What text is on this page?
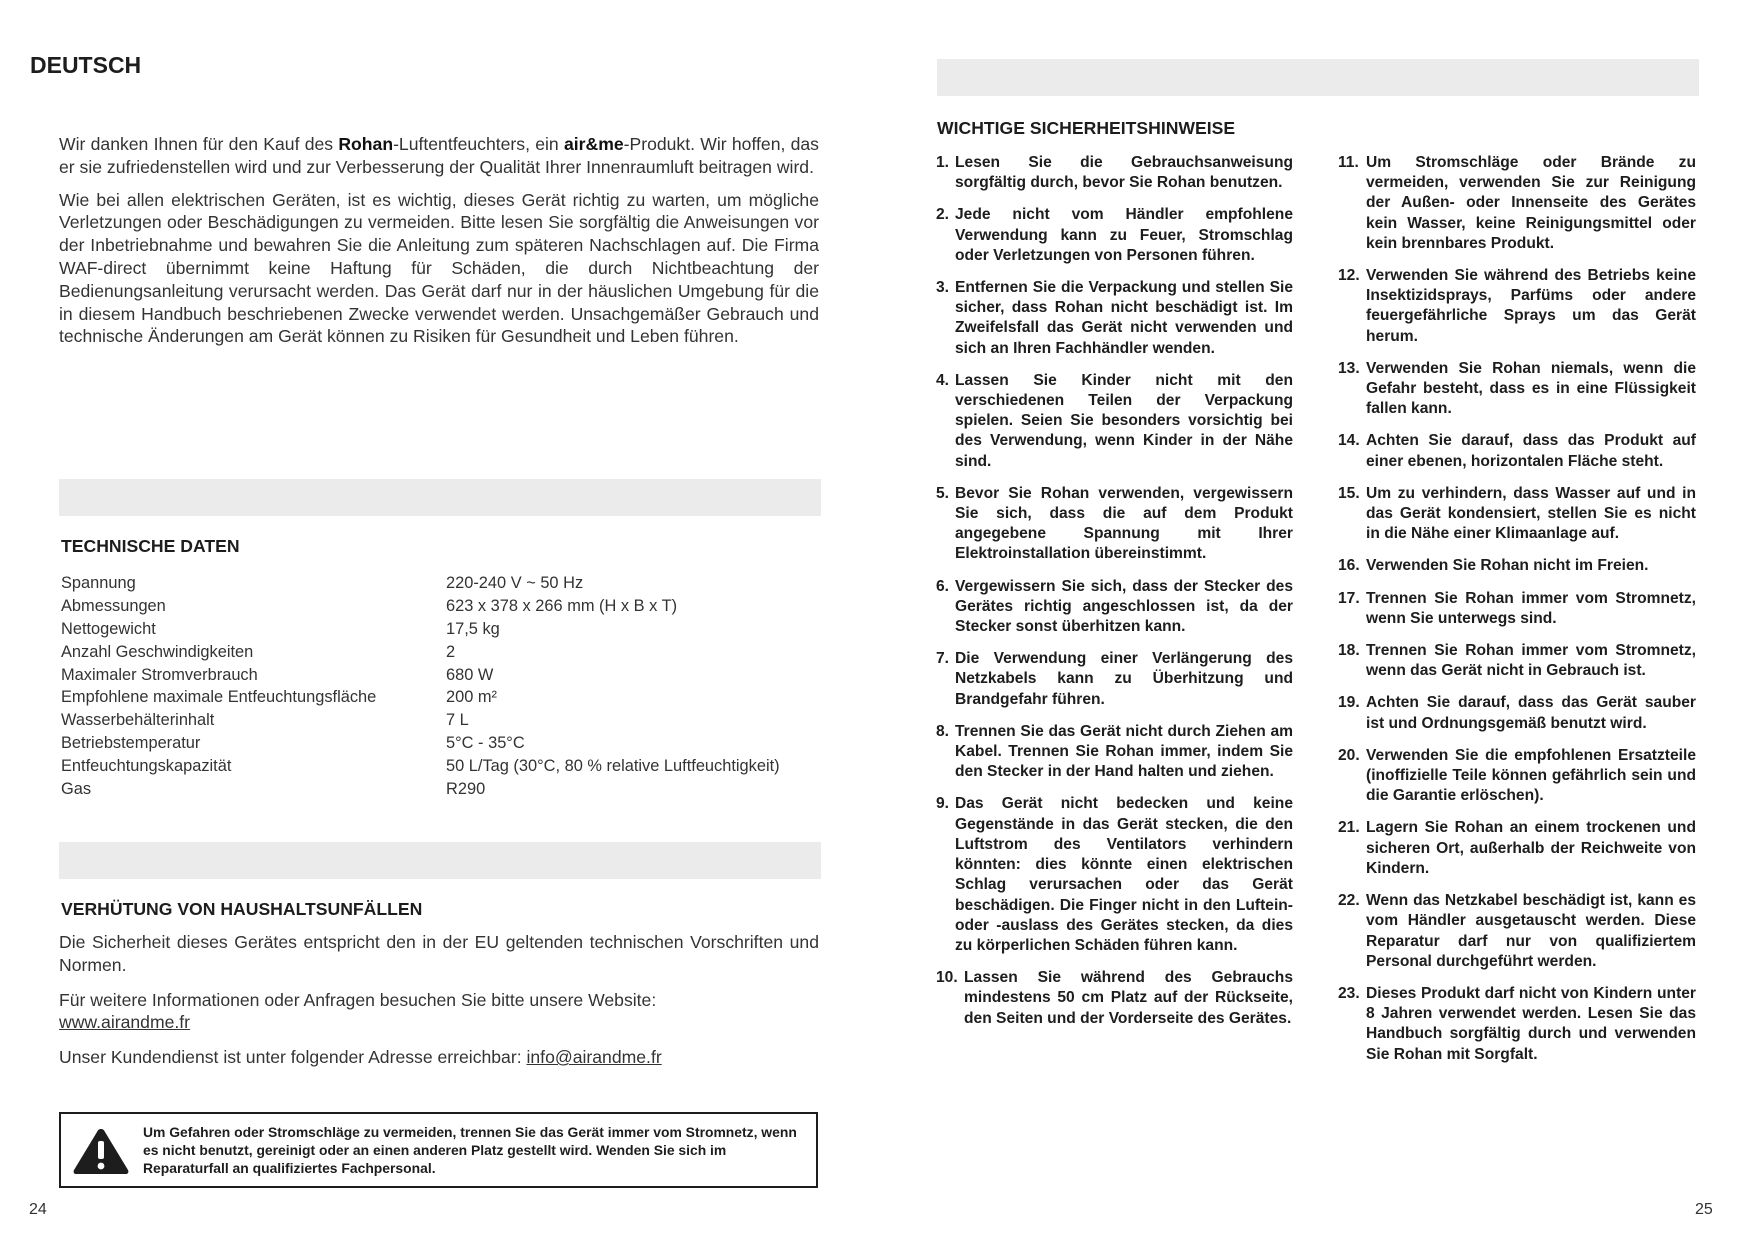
DEUTSCH

Wir danken Ihnen für den Kauf des Rohan-Luftentfeuchters, ein air&me-Produkt. Wir hoffen, das er sie zufriedenstellen wird und zur Verbesserung der Qualität Ihrer Innenraumluft beitragen wird.

Wie bei allen elektrischen Geräten, ist es wichtig, dieses Gerät richtig zu warten, um mögliche Verletzungen oder Beschädigungen zu vermeiden. Bitte lesen Sie sorgfältig die Anweisungen vor der Inbetriebnahme und bewahren Sie die Anleitung zum späteren Nachschlagen auf. Die Firma WAF-direct übernimmt keine Haftung für Schäden, die durch Nichtbeachtung der Bedienungsanleitung verursacht werden. Das Gerät darf nur in der häuslichen Umgebung für die in diesem Handbuch beschriebenen Zwecke verwendet werden. Unsachgemäßer Gebrauch und technische Änderungen am Gerät können zu Risiken für Gesundheit und Leben führen.

TECHNISCHE DATEN
Spannung	220-240 V ~ 50 Hz
Abmessungen	623 x 378 x 266 mm (H x B x T)
Nettogewicht	17,5 kg
Anzahl Geschwindigkeiten	2
Maximaler Stromverbrauch	680 W
Empfohlene maximale Entfeuchtungsfläche	200 m²
Wasserbehälterinhalt	7 L
Betriebstemperatur	5°C - 35°C
Entfeuchtungskapazität	50 L/Tag (30°C, 80 % relative Luftfeuchtigkeit)
Gas	R290
VERHÜTUNG VON HAUSHALTSUNFÄLLEN

Die Sicherheit dieses Gerätes entspricht den in der EU geltenden technischen Vorschriften und Normen.

Für weitere Informationen oder Anfragen besuchen Sie bitte unsere Website:
www.airandme.fr

Unser Kundendienst ist unter folgender Adresse erreichbar: info@airandme.fr

Um Gefahren oder Stromschläge zu vermeiden, trennen Sie das Gerät immer vom Stromnetz, wenn es nicht benutzt, gereinigt oder an einen anderen Platz gestellt wird. Wenden Sie sich im Reparaturfall an qualifiziertes Fachpersonal.
24
WICHTIGE SICHERHEITSHINWEISE
1. Lesen Sie die Gebrauchsanweisung sorgfältig durch, bevor Sie Rohan benutzen.
2. Jede nicht vom Händler empfohlene Verwendung kann zu Feuer, Stromschlag oder Verletzungen von Personen führen.
3. Entfernen Sie die Verpackung und stellen Sie sicher, dass Rohan nicht beschädigt ist. Im Zweifelsfall das Gerät nicht verwenden und sich an Ihren Fachhändler wenden.
4. Lassen Sie Kinder nicht mit den verschiedenen Teilen der Verpackung spielen. Seien Sie besonders vorsichtig bei des Verwendung, wenn Kinder in der Nähe sind.
5. Bevor Sie Rohan verwenden, vergewissern Sie sich, dass die auf dem Produkt angegebene Spannung mit Ihrer Elektroinstallation übereinstimmt.
6. Vergewissern Sie sich, dass der Stecker des Gerätes richtig angeschlossen ist, da der Stecker sonst überhitzen kann.
7. Die Verwendung einer Verlängerung des Netzkabels kann zu Überhitzung und Brandgefahr führen.
8. Trennen Sie das Gerät nicht durch Ziehen am Kabel. Trennen Sie Rohan immer, indem Sie den Stecker in der Hand halten und ziehen.
9. Das Gerät nicht bedecken und keine Gegenstände in das Gerät stecken, die den Luftstrom des Ventilators verhindern könnten: dies könnte einen elektrischen Schlag verursachen oder das Gerät beschädigen. Die Finger nicht in den Luftein- oder -auslass des Gerätes stecken, da dies zu körperlichen Schäden führen kann.
10. Lassen Sie während des Gebrauchs mindestens 50 cm Platz auf der Rückseite, den Seiten und der Vorderseite des Gerätes.
11. Um Stromschläge oder Brände zu vermeiden, verwenden Sie zur Reinigung der Außen- oder Innenseite des Gerätes kein Wasser, keine Reinigungsmittel oder kein brennbares Produkt.
12. Verwenden Sie während des Betriebs keine Insektizidsprays, Parfüms oder andere feuergefährliche Sprays um das Gerät herum.
13. Verwenden Sie Rohan niemals, wenn die Gefahr besteht, dass es in eine Flüssigkeit fallen kann.
14. Achten Sie darauf, dass das Produkt auf einer ebenen, horizontalen Fläche steht.
15. Um zu verhindern, dass Wasser auf und in das Gerät kondensiert, stellen Sie es nicht in die Nähe einer Klimaanlage auf.
16. Verwenden Sie Rohan nicht im Freien.
17. Trennen Sie Rohan immer vom Stromnetz, wenn Sie unterwegs sind.
18. Trennen Sie Rohan immer vom Stromnetz, wenn das Gerät nicht in Gebrauch ist.
19. Achten Sie darauf, dass das Gerät sauber ist und Ordnungsgemäß benutzt wird.
20. Verwenden Sie die empfohlenen Ersatzteile (inoffizielle Teile können gefährlich sein und die Garantie erlöschen).
21. Lagern Sie Rohan an einem trockenen und sicheren Ort, außerhalb der Reichweite von Kindern.
22. Wenn das Netzkabel beschädigt ist, kann es vom Händler ausgetauscht werden. Diese Reparatur darf nur von qualifiziertem Personal durchgeführt werden.
23. Dieses Produkt darf nicht von Kindern unter 8 Jahren verwendet werden. Lesen Sie das Handbuch sorgfältig durch und verwenden Sie Rohan mit Sorgfalt.
25
